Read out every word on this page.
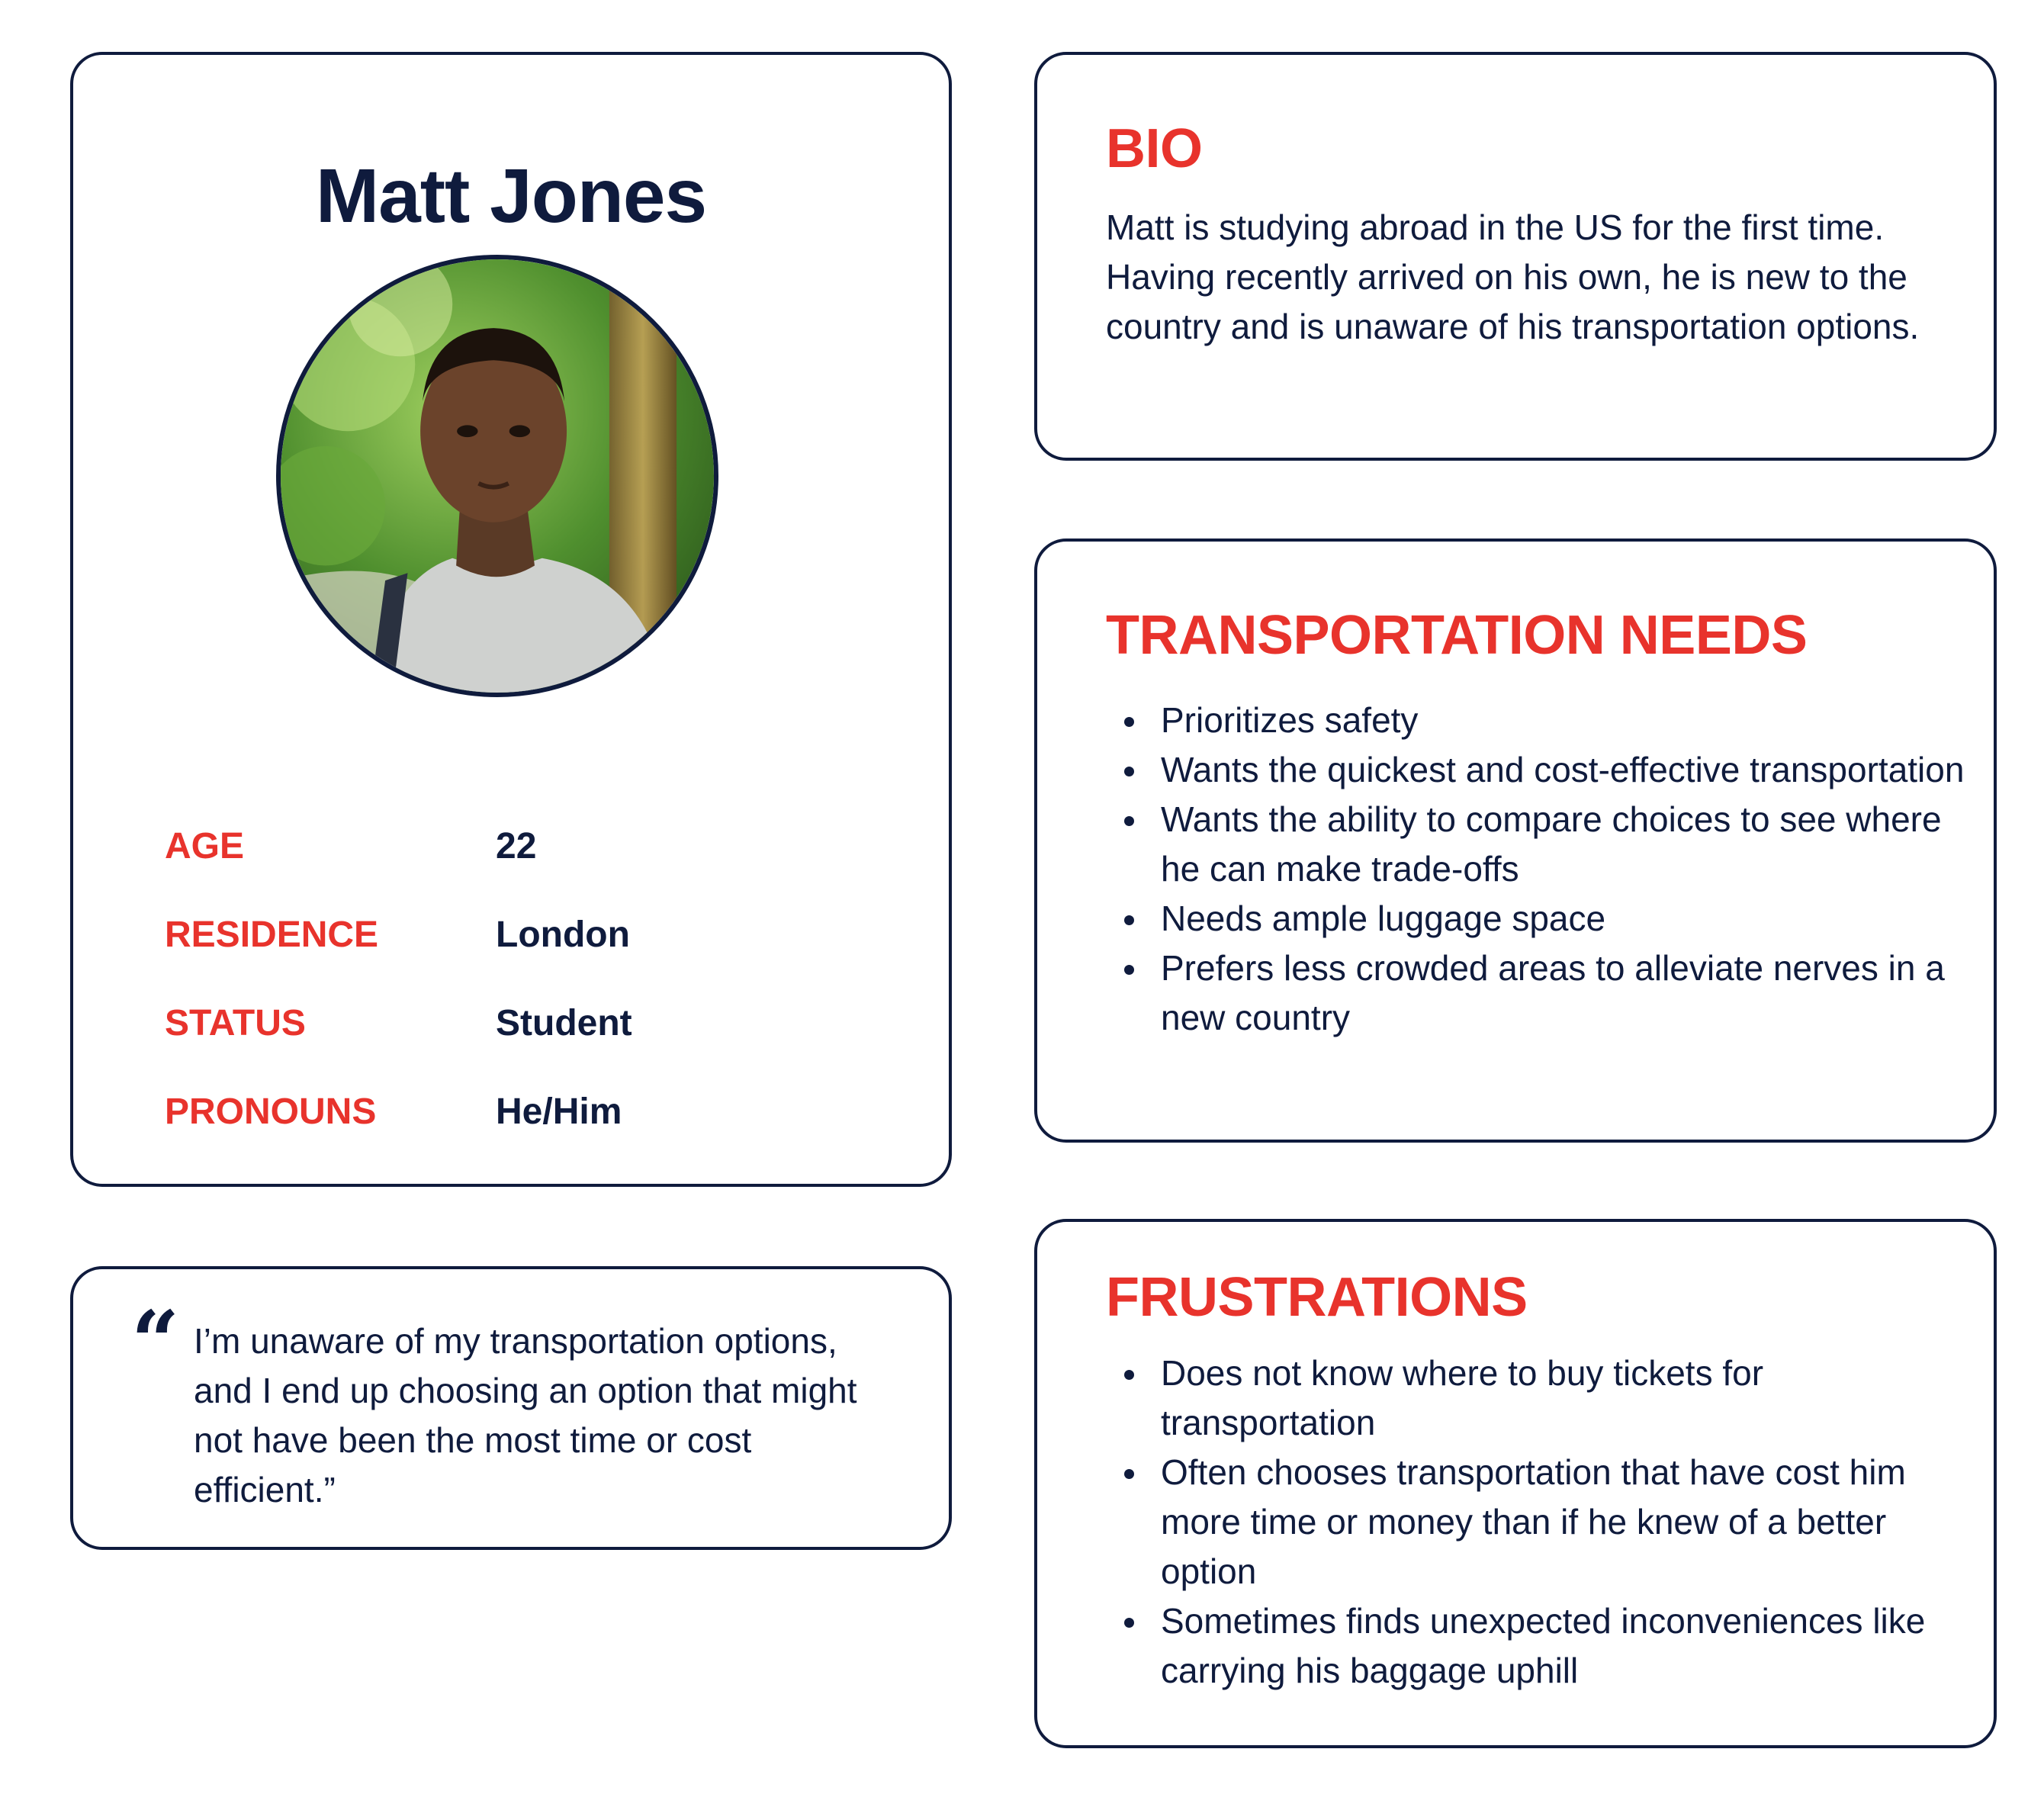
Matt Jones
AGE	22
RESIDENCE	London
STATUS	Student
PRONOUNS	He/Him
“ I’m unaware of my transportation options, and I end up choosing an option that might not have been the most time or cost efficient.”
BIO
Matt is studying abroad in the US for the first time. Having recently arrived on his own, he is new to the country and is unaware of his transportation options.
TRANSPORTATION NEEDS
Prioritizes safety
Wants the quickest and cost-effective transportation
Wants the ability to compare choices to see where he can make trade-offs
Needs ample luggage space
Prefers less crowded areas to alleviate nerves in a new country
FRUSTRATIONS
Does not know where to buy tickets for transportation
Often chooses transportation that have cost him more time or money than if he knew of a better option
Sometimes finds unexpected inconveniences like carrying his baggage uphill
